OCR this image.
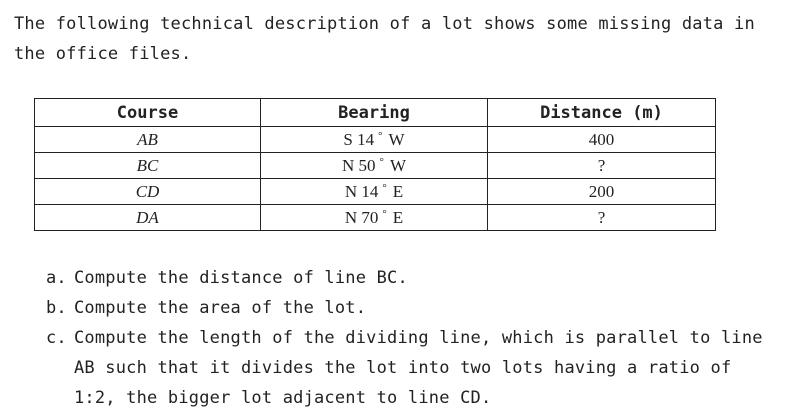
The following technical description of a lot shows some missing data in the office files.
Course	Bearing	Distance (m)
AB	S 14 ° W	400
BC	N 50 ° W	?
CD	N 14 ° E	200
DA	N 70 ° E	?
a. Compute the distance of line BC.
b. Compute the area of the lot.
c. Compute the length of the dividing line, which is parallel to line AB such that it divides the lot into two lots having a ratio of 1:2, the bigger lot adjacent to line CD.
